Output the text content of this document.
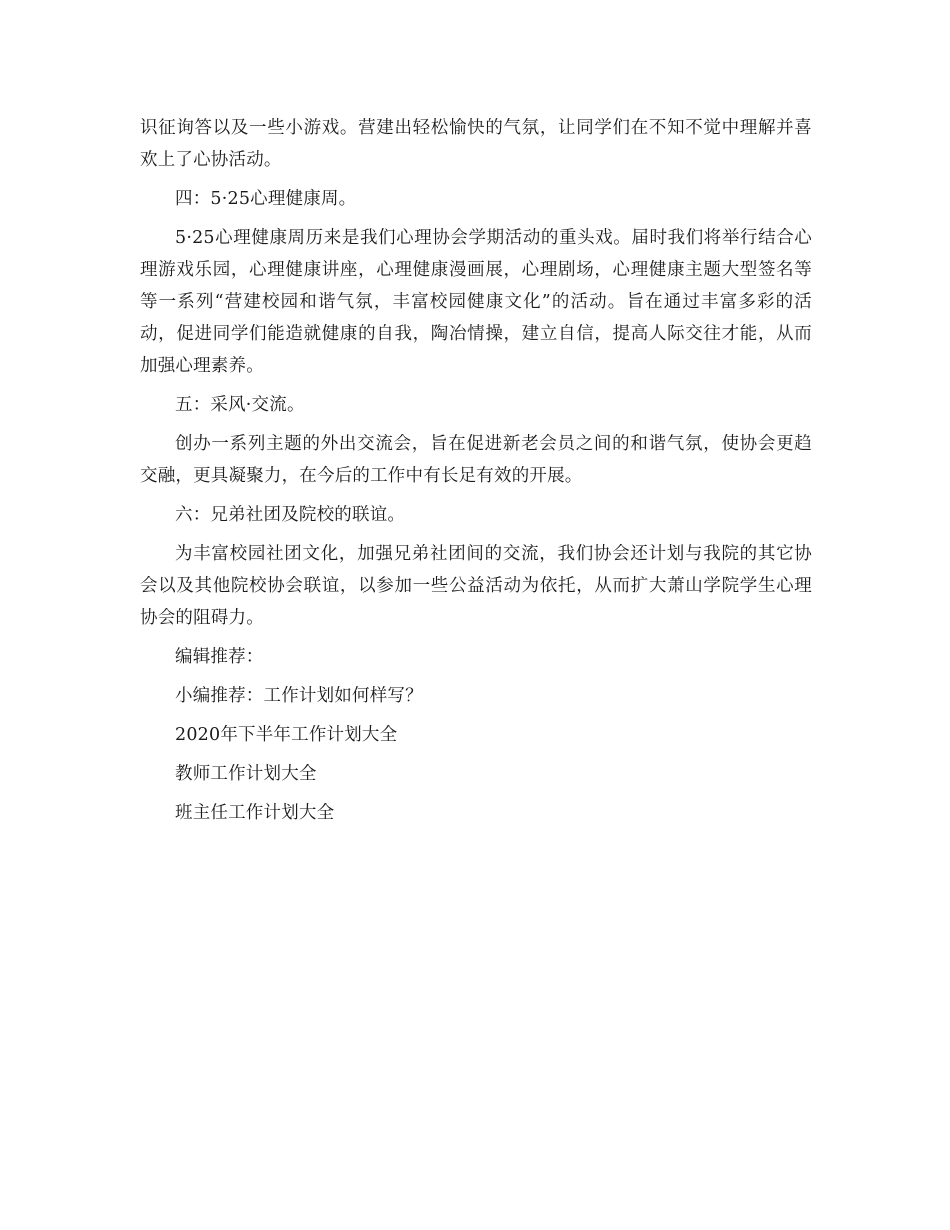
识征询答以及一些小游戏。营建出轻松愉快的气氛，让同学们在不知不觉中理解并喜欢上了心协活动。

四：5·25心理健康周。

5·25心理健康周历来是我们心理协会学期活动的重头戏。届时我们将举行结合心理游戏乐园，心理健康讲座，心理健康漫画展，心理剧场，心理健康主题大型签名等等一系列“营建校园和谐气氛，丰富校园健康文化”的活动。旨在通过丰富多彩的活动，促进同学们能造就健康的自我，陶冶情操，建立自信，提高人际交往才能，从而加强心理素养。

五：采风·交流。

创办一系列主题的外出交流会，旨在促进新老会员之间的和谐气氛，使协会更趋交融，更具凝聚力，在今后的工作中有长足有效的开展。

六：兄弟社团及院校的联谊。

为丰富校园社团文化，加强兄弟社团间的交流，我们协会还计划与我院的其它协会以及其他院校协会联谊，以参加一些公益活动为依托，从而扩大萧山学院学生心理协会的阻碍力。

编辑推荐：
小编推荐：工作计划如何样写？
2020年下半年工作计划大全
教师工作计划大全
班主任工作计划大全
